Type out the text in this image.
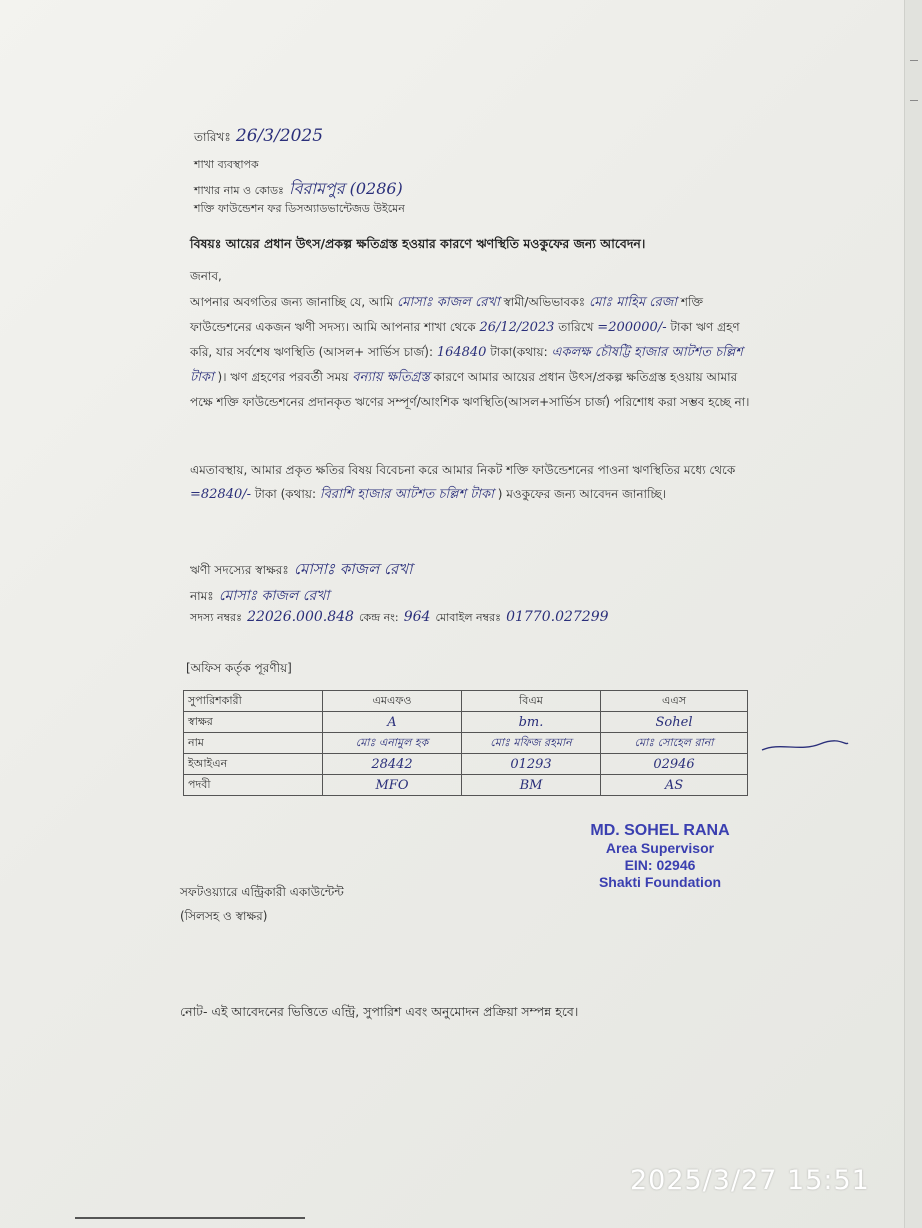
তারিখঃ 26/3/2025
শাখা ব্যবস্থাপক
শাখার নাম ও কোডঃ বিরামপুর (0286)
শক্তি ফাউন্ডেশন ফর ডিসঅ্যাডভান্টেজড উইমেন
বিষয়ঃ আয়ের প্রধান উৎস/প্রকল্প ক্ষতিগ্রস্ত হওয়ার কারণে ঋণস্থিতি মওকুফের জন্য আবেদন।
জনাব,
আপনার অবগতির জন্য জানাচ্ছি যে, আমি মোসাঃ কাজল রেখা স্বামী/অভিভাবকঃ মোঃ মাহিম রেজা শক্তি ফাউন্ডেশনের একজন ঋণী সদস্য। আমি আপনার শাখা থেকে 26/12/2023 তারিখে =200000/- টাকা ঋণ গ্রহণ করি, যার সর্বশেষ ঋণস্থিতি (আসল+ সার্ভিস চার্জ): 164840 টাকা(কথায়: একলক্ষ চৌষট্টি হাজার আটশত চল্লিশ টাকা )। ঋণ গ্রহণের পরবর্তী সময় বন্যায় ক্ষতিগ্রস্ত কারণে আমার আয়ের প্রধান উৎস/প্রকল্প ক্ষতিগ্রস্ত হওয়ায় আমার পক্ষে শক্তি ফাউন্ডেশনের প্রদানকৃত ঋণের সম্পূর্ণ/আংশিক ঋণস্থিতি(আসল+সার্ভিস চার্জ) পরিশোধ করা সম্ভব হচ্ছে না।
এমতাবস্থায়, আমার প্রকৃত ক্ষতির বিষয় বিবেচনা করে আমার নিকট শক্তি ফাউন্ডেশনের পাওনা ঋণস্থিতির মধ্যে থেকে =82840/- টাকা (কথায়: বিরাশি হাজার আটশত চল্লিশ টাকা ) মওকুফের জন্য আবেদন জানাচ্ছি।
ঋণী সদস্যের স্বাক্ষরঃ মোসাঃ কাজল রেখা
নামঃ মোসাঃ কাজল রেখা
সদস্য নম্বরঃ 22026.000.848 কেন্দ্র নং: 964 মোবাইল নম্বরঃ 01770.027299
[অফিস কর্তৃক পূরণীয়]
সুপারিশকারী	এমএফও	বিএম	এএস
স্বাক্ষর	A	bm.	Sohel
নাম	মোঃ এনামুল হক	মোঃ মফিজ রহমান	মোঃ সোহেল রানা
ইআইএন	28442	01293	02946
পদবী	MFO	BM	AS
MD. SOHEL RANA
Area Supervisor
EIN: 02946
Shakti Foundation
সফটওয়্যারে এন্ট্রিকারী একাউন্টেন্ট
(সিলসহ ও স্বাক্ষর)
নোট- এই আবেদনের ভিত্তিতে এন্ট্রি, সুপারিশ এবং অনুমোদন প্রক্রিয়া সম্পন্ন হবে।
2025/3/27 15:51
